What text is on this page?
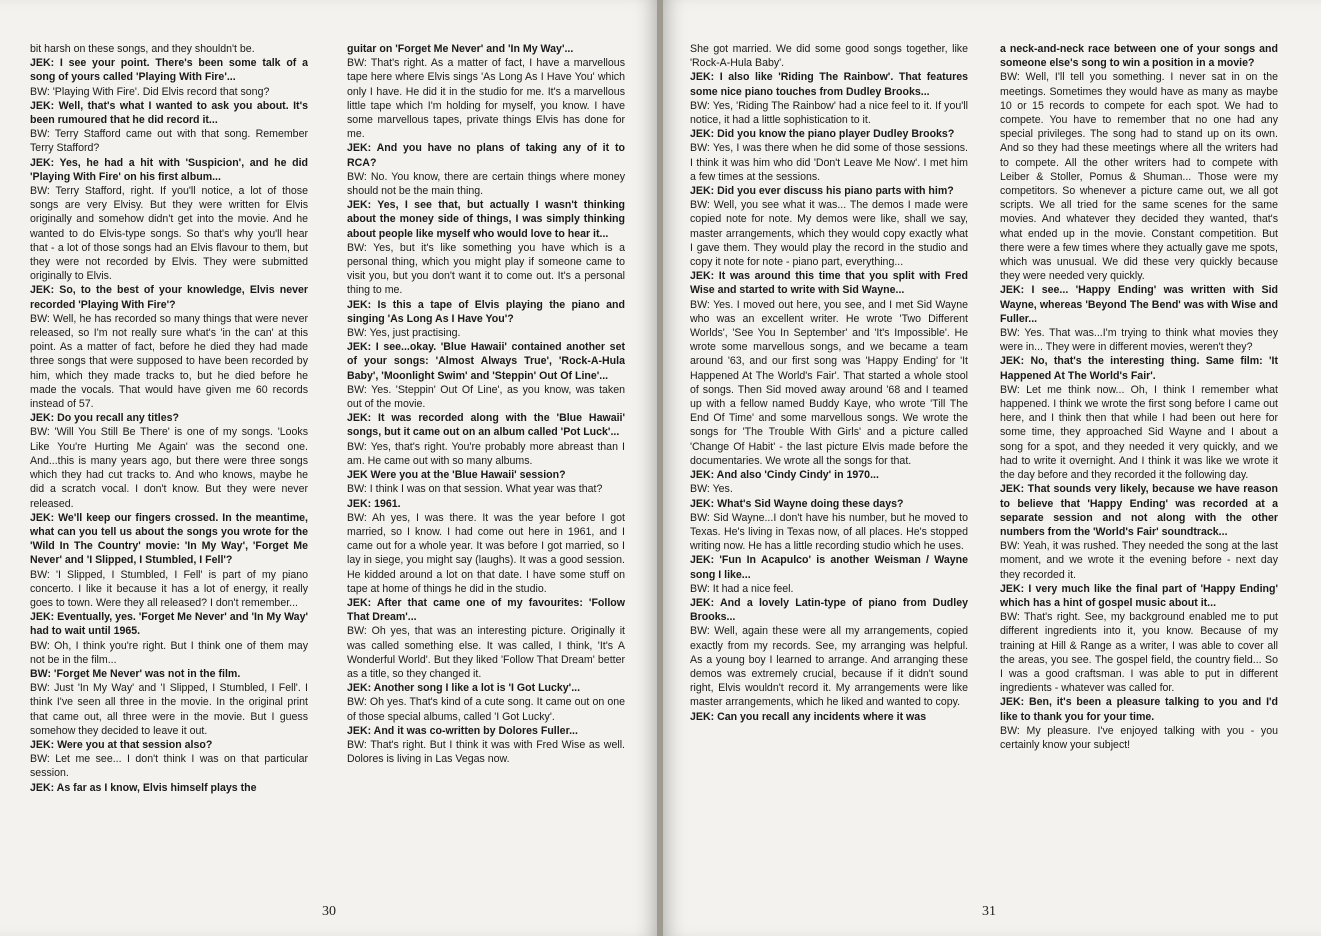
bit harsh on these songs, and they shouldn't be.

JEK: I see your point. There's been some talk of a song of yours called 'Playing With Fire'...

BW: 'Playing With Fire'. Did Elvis record that song?

JEK: Well, that's what I wanted to ask you about. It's been rumoured that he did record it...

BW: Terry Stafford came out with that song. Remember Terry Stafford?

JEK: Yes, he had a hit with 'Suspicion', and he did 'Playing With Fire' on his first album...

BW: Terry Stafford, right. If you'll notice, a lot of those songs are very Elvisy. But they were written for Elvis originally and somehow didn't get into the movie. And he wanted to do Elvis-type songs. So that's why you'll hear that - a lot of those songs had an Elvis flavour to them, but they were not recorded by Elvis. They were submitted originally to Elvis.

JEK: So, to the best of your knowledge, Elvis never recorded 'Playing With Fire'?

BW: Well, he has recorded so many things that were never released, so I'm not really sure what's 'in the can' at this point. As a matter of fact, before he died they had made three songs that were supposed to have been recorded by him, which they made tracks to, but he died before he made the vocals. That would have given me 60 records instead of 57.

JEK: Do you recall any titles?

BW: 'Will You Still Be There' is one of my songs. 'Looks Like You're Hurting Me Again' was the second one. And...this is many years ago, but there were three songs which they had cut tracks to. And who knows, maybe he did a scratch vocal. I don't know. But they were never released.

JEK: We'll keep our fingers crossed. In the meantime, what can you tell us about the songs you wrote for the 'Wild In The Country' movie: 'In My Way', 'Forget Me Never' and 'I Slipped, I Stumbled, I Fell'?

BW: 'I Slipped, I Stumbled, I Fell' is part of my piano concerto. I like it because it has a lot of energy, it really goes to town. Were they all released? I don't remember...

JEK: Eventually, yes. 'Forget Me Never' and 'In My Way' had to wait until 1965.

BW: Oh, I think you're right. But I think one of them may not be in the film...

BW: 'Forget Me Never' was not in the film.

BW: Just 'In My Way' and 'I Slipped, I Stumbled, I Fell'. I think I've seen all three in the movie. In the original print that came out, all three were in the movie. But I guess somehow they decided to leave it out.

JEK: Were you at that session also?

BW: Let me see... I don't think I was on that particular session.

JEK: As far as I know, Elvis himself plays the

guitar on 'Forget Me Never' and 'In My Way'...

BW: That's right. As a matter of fact, I have a marvellous tape here where Elvis sings 'As Long As I Have You' which only I have. He did it in the studio for me. It's a marvellous little tape which I'm holding for myself, you know. I have some marvellous tapes, private things Elvis has done for me.

JEK: And you have no plans of taking any of it to RCA?

BW: No. You know, there are certain things where money should not be the main thing.

JEK: Yes, I see that, but actually I wasn't thinking about the money side of things, I was simply thinking about people like myself who would love to hear it...

BW: Yes, but it's like something you have which is a personal thing, which you might play if someone came to visit you, but you don't want it to come out. It's a personal thing to me.

JEK: Is this a tape of Elvis playing the piano and singing 'As Long As I Have You'?

BW: Yes, just practising.

JEK: I see...okay. 'Blue Hawaii' contained another set of your songs: 'Almost Always True', 'Rock-A-Hula Baby', 'Moonlight Swim' and 'Steppin' Out Of Line'...

BW: Yes. 'Steppin' Out Of Line', as you know, was taken out of the movie.

JEK: It was recorded along with the 'Blue Hawaii' songs, but it came out on an album called 'Pot Luck'...

BW: Yes, that's right. You're probably more abreast than I am. He came out with so many albums.

JEK Were you at the 'Blue Hawaii' session?

BW: I think I was on that session. What year was that?

JEK: 1961.

BW: Ah yes, I was there. It was the year before I got married, so I know. I had come out here in 1961, and I came out for a whole year. It was before I got married, so I lay in siege, you might say (laughs). It was a good session. He kidded around a lot on that date. I have some stuff on tape at home of things he did in the studio.

JEK: After that came one of my favourites: 'Follow That Dream'...

BW: Oh yes, that was an interesting picture. Originally it was called something else. It was called, I think, 'It's A Wonderful World'. But they liked 'Follow That Dream' better as a title, so they changed it.

JEK: Another song I like a lot is 'I Got Lucky'...

BW: Oh yes. That's kind of a cute song. It came out on one of those special albums, called 'I Got Lucky'.

JEK: And it was co-written by Dolores Fuller...

BW: That's right. But I think it was with Fred Wise as well. Dolores is living in Las Vegas now.

30

She got married. We did some good songs together, like 'Rock-A-Hula Baby'.

JEK: I also like 'Riding The Rainbow'. That features some nice piano touches from Dudley Brooks...

BW: Yes, 'Riding The Rainbow' had a nice feel to it. If you'll notice, it had a little sophistication to it.

JEK: Did you know the piano player Dudley Brooks?

BW: Yes, I was there when he did some of those sessions. I think it was him who did 'Don't Leave Me Now'. I met him a few times at the sessions.

JEK: Did you ever discuss his piano parts with him?

BW: Well, you see what it was... The demos I made were copied note for note. My demos were like, shall we say, master arrangements, which they would copy exactly what I gave them. They would play the record in the studio and copy it note for note - piano part, everything...

JEK: It was around this time that you split with Fred Wise and started to write with Sid Wayne...

BW: Yes. I moved out here, you see, and I met Sid Wayne who was an excellent writer. He wrote 'Two Different Worlds', 'See You In September' and 'It's Impossible'. He wrote some marvellous songs, and we became a team around '63, and our first song was 'Happy Ending' for 'It Happened At The World's Fair'. That started a whole stool of songs. Then Sid moved away around '68 and I teamed up with a fellow named Buddy Kaye, who wrote 'Till The End Of Time' and some marvellous songs. We wrote the songs for 'The Trouble With Girls' and a picture called 'Change Of Habit' - the last picture Elvis made before the documentaries. We wrote all the songs for that.

JEK: And also 'Cindy Cindy' in 1970...

BW: Yes.

JEK: What's Sid Wayne doing these days?

BW: Sid Wayne...I don't have his number, but he moved to Texas. He's living in Texas now, of all places. He's stopped writing now. He has a little recording studio which he uses.

JEK: 'Fun In Acapulco' is another Weisman / Wayne song I like...

BW: It had a nice feel.

JEK: And a lovely Latin-type of piano from Dudley Brooks...

BW: Well, again these were all my arrangements, copied exactly from my records. See, my arranging was helpful. As a young boy I learned to arrange. And arranging these demos was extremely crucial, because if it didn't sound right, Elvis wouldn't record it. My arrangements were like master arrangements, which he liked and wanted to copy.

JEK: Can you recall any incidents where it was

a neck-and-neck race between one of your songs and someone else's song to win a position in a movie?

BW: Well, I'll tell you something. I never sat in on the meetings. Sometimes they would have as many as maybe 10 or 15 records to compete for each spot. We had to compete. You have to remember that no one had any special privileges. The song had to stand up on its own. And so they had these meetings where all the writers had to compete. All the other writers had to compete with Leiber & Stoller, Pomus & Shuman... Those were my competitors. So whenever a picture came out, we all got scripts. We all tried for the same scenes for the same movies. And whatever they decided they wanted, that's what ended up in the movie. Constant competition. But there were a few times where they actually gave me spots, which was unusual. We did these very quickly because they were needed very quickly.

JEK: I see... 'Happy Ending' was written with Sid Wayne, whereas 'Beyond The Bend' was with Wise and Fuller...

BW: Yes. That was...I'm trying to think what movies they were in... They were in different movies, weren't they?

JEK: No, that's the interesting thing. Same film: 'It Happened At The World's Fair'.

BW: Let me think now... Oh, I think I remember what happened. I think we wrote the first song before I came out here, and I think then that while I had been out here for some time, they approached Sid Wayne and I about a song for a spot, and they needed it very quickly, and we had to write it overnight. And I think it was like we wrote it the day before and they recorded it the following day.

JEK: That sounds very likely, because we have reason to believe that 'Happy Ending' was recorded at a separate session and not along with the other numbers from the 'World's Fair' soundtrack...

BW: Yeah, it was rushed. They needed the song at the last moment, and we wrote it the evening before - next day they recorded it.

JEK: I very much like the final part of 'Happy Ending' which has a hint of gospel music about it...

BW: That's right. See, my background enabled me to put different ingredients into it, you know. Because of my training at Hill & Range as a writer, I was able to cover all the areas, you see. The gospel field, the country field... So I was a good craftsman. I was able to put in different ingredients - whatever was called for.

JEK: Ben, it's been a pleasure talking to you and I'd like to thank you for your time.

BW: My pleasure. I've enjoyed talking with you - you certainly know your subject!

31
